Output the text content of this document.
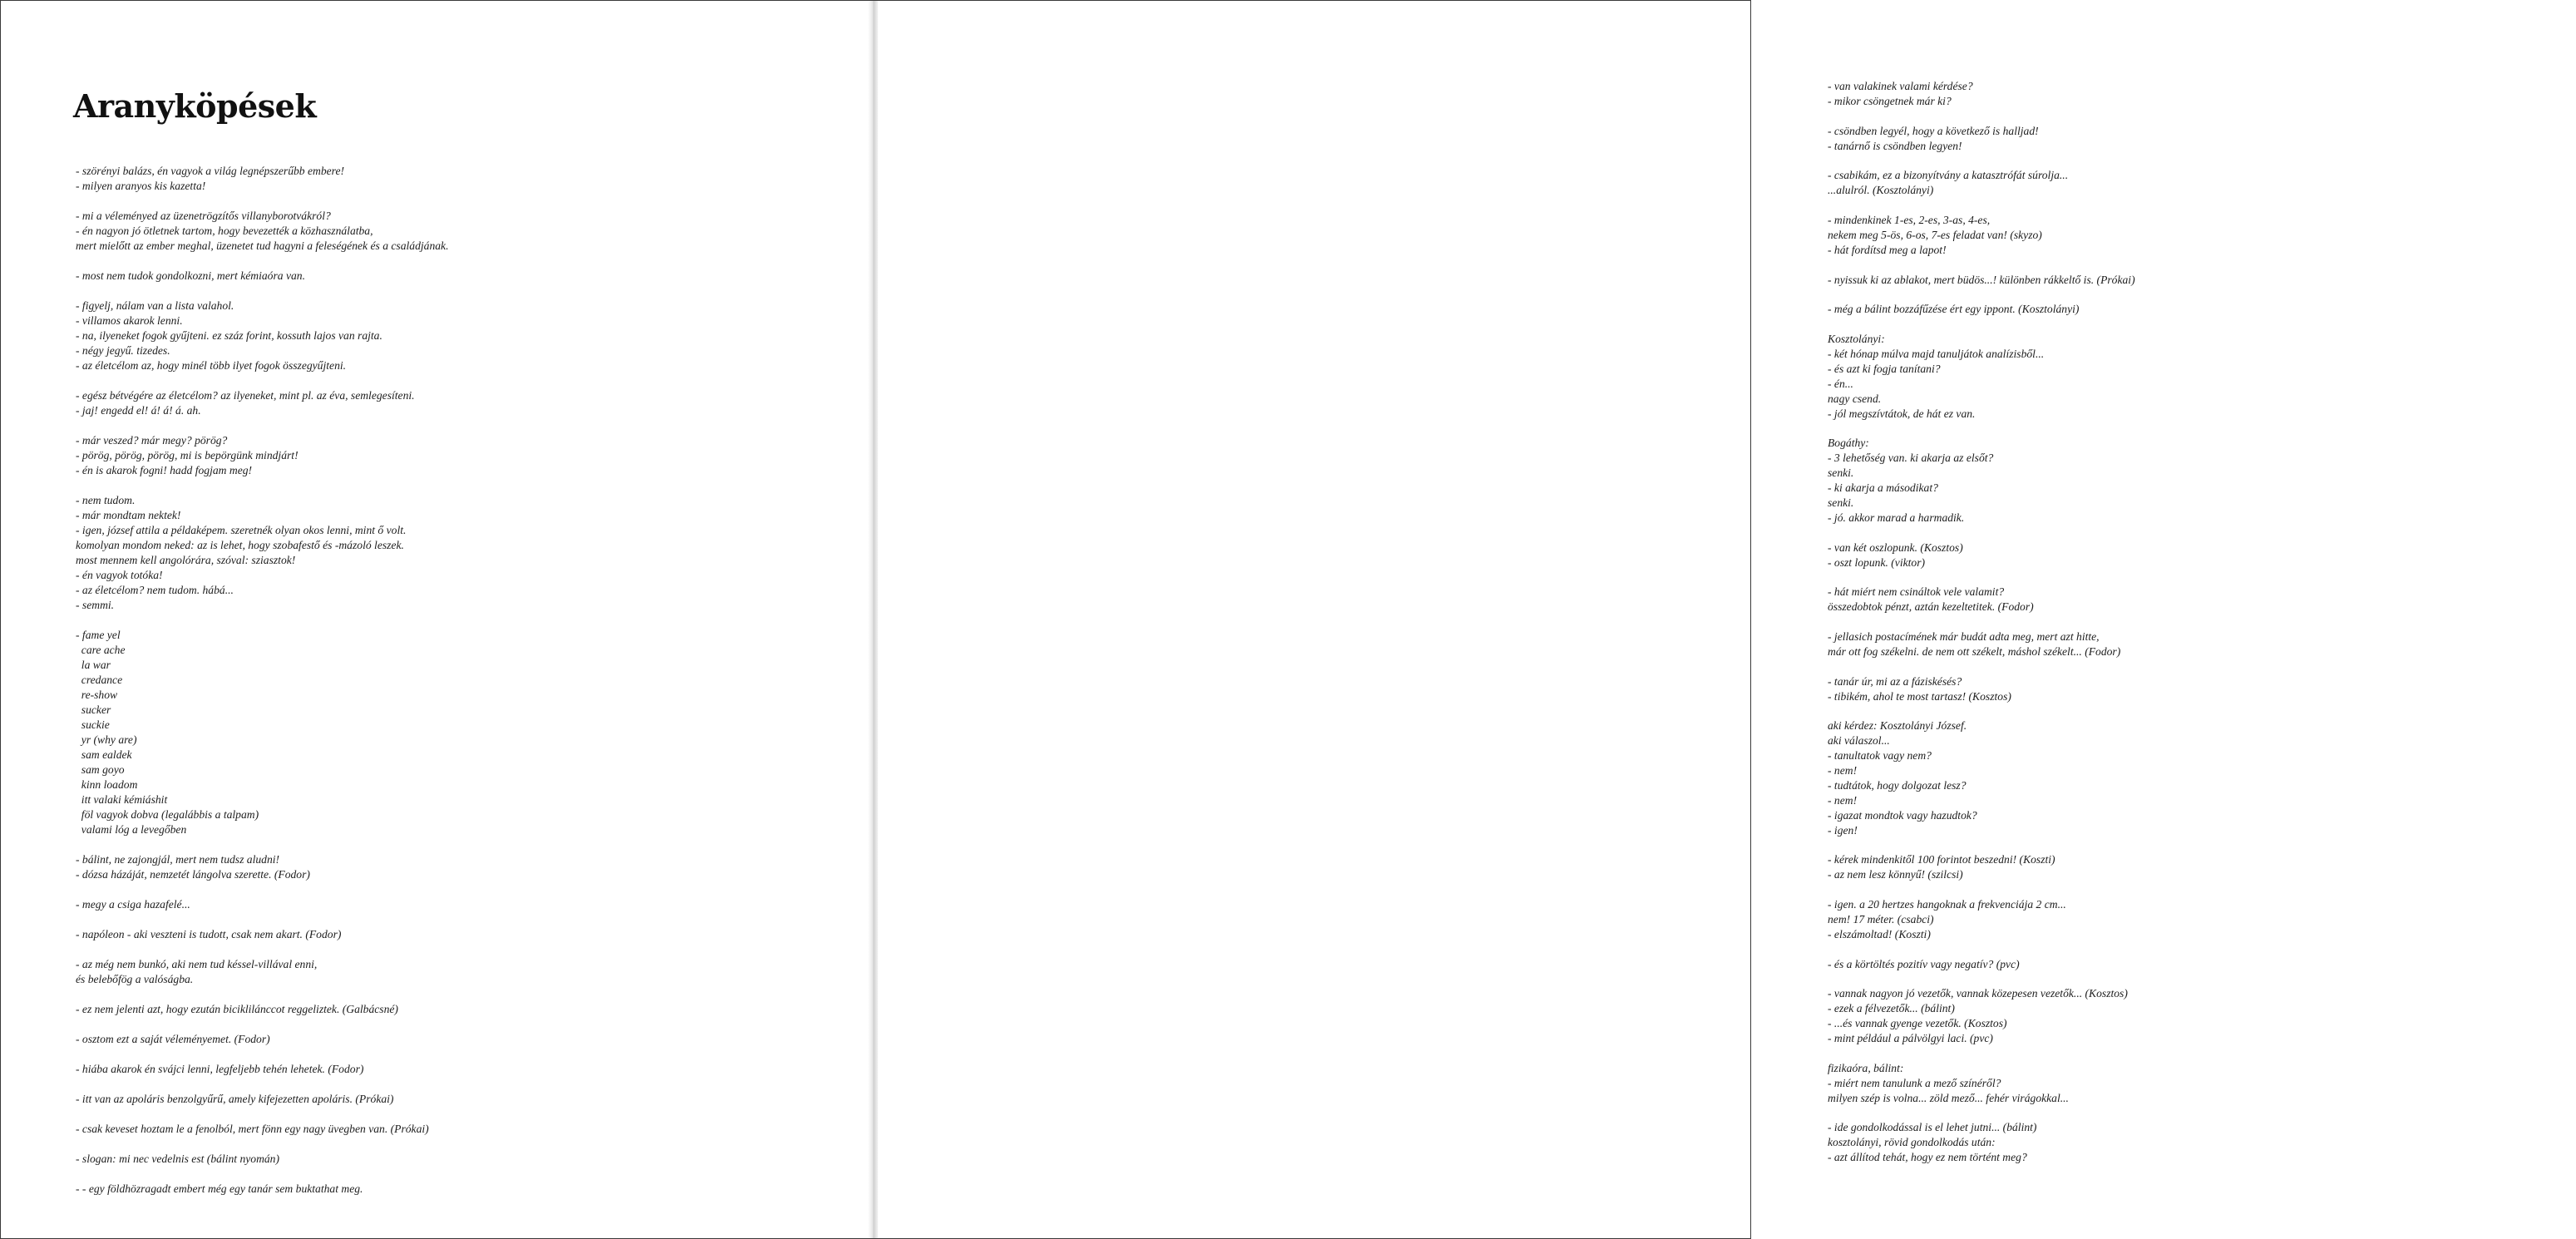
Aranyköpések
- szörényi balázs, én vagyok a világ legnépszerűbb embere!
- milyen aranyos kis kazetta!
- mi a véleményed az üzenetrögzítős villanyborotvákról?
- én nagyon jó ötletnek tartom, hogy bevezették a közhasználatba,
mert mielőtt az ember meghal, üzenetet tud hagyni a feleségének és a családjának.
- most nem tudok gondolkozni, mert kémiaóra van.
- figyelj, nálam van a lista valahol.
- villamos akarok lenni.
- na, ilyeneket fogok gyűjteni. ez száz forint, kossuth lajos van rajta.
- négy jegyű. tizedes.
- az életcélom az, hogy minél több ilyet fogok összegyűjteni.
- egész bétvégére az életcélom? az ilyeneket, mint pl. az éva, semlegesíteni.
- jaj! engedd el! á! á! á. ah.
- már veszed? már megy? pörög?
- pörög, pörög, pörög, mi is bepörgünk mindjárt!
- én is akarok fogni! hadd fogjam meg!
- nem tudom.
- már mondtam nektek!
- igen, józsef attila a példaképem. szeretnék olyan okos lenni, mint ő volt.
komolyan mondom neked: az is lehet, hogy szobafestő és -mázoló leszek.
most mennem kell angolórára, szóval: sziasztok!
- én vagyok totóka!
- az életcélom? nem tudom. hábá...
- semmi.
- fame yel
care ache
la war
credance
re-show
sucker
suckie
yr (why are)
sam ealdek
sam goyo
kinn loadom
itt valaki kémiáshit
föl vagyok dobva (legalábbis a talpam)
valami lóg a levegőben
- bálint, ne zajongjál, mert nem tudsz aludni!
- dózsa házáját, nemzetét lángolva szerette. (Fodor)
- megy a csiga hazafelé...
- napóleon - aki veszteni is tudott, csak nem akart. (Fodor)
- az még nem bunkó, aki nem tud késsel-villával enni,
és belebőfög a valóságba.
- ez nem jelenti azt, hogy ezután biciklilánccot reggeliztek. (Galbácsné)
- osztom ezt a saját véleményemet. (Fodor)
- hiába akarok én svájci lenni, legfeljebb tehén lehetek. (Fodor)
- itt van az apoláris benzolgyűrű, amely kifejezetten apoláris. (Prókai)
- csak keveset hoztam le a fenolból, mert fönn egy nagy üvegben van. (Prókai)
- slogan: mi nec vedelnis est (bálint nyomán)
- - egy földhözragadt embert még egy tanár sem buktathat meg.
- van valakinek valami kérdése?
- mikor csöngetnek már ki?
- csöndben legyél, hogy a következő is halljad!
- tanárnő is csöndben legyen!
- csabikám, ez a bizonyítvány a katasztrófát súrolja...
...alulról. (Kosztolányi)
- mindenkinek 1-es, 2-es, 3-as, 4-es,
nekem meg 5-ös, 6-os, 7-es feladat van! (skyzo)
- hát fordítsd meg a lapot!
- nyissuk ki az ablakot, mert büdös...! különben rákkeltő is. (Prókai)
- még a bálint bozzáfűzése ért egy ippont. (Kosztolányi)
Kosztolányi:
- két hónap múlva majd tanuljátok analízisből...
- és azt ki fogja tanítani?
- én...
nagy csend.
- jól megszívtátok, de hát ez van.
Bogáthy:
- 3 lehetőség van. ki akarja az elsőt?
senki.
- ki akarja a másodikat?
senki.
- jó. akkor marad a harmadik.
- van két oszlopunk. (Kosztos)
- oszt lopunk. (viktor)
- hát miért nem csináltok vele valamit?
összedobtok pénzt, aztán kezeltetitek. (Fodor)
- jellasich postacímének már budát adta meg, mert azt hitte,
már ott fog székelni. de nem ott székelt, máshol székelt... (Fodor)
- tanár úr, mi az a fáziskésés?
- tibikém, ahol te most tartasz! (Kosztos)
aki kérdez: Kosztolányi József.
aki válaszol...
- tanultatok vagy nem?
- nem!
- tudtátok, hogy dolgozat lesz?
- nem!
- igazat mondtok vagy hazudtok?
- igen!
- kérek mindenkitől 100 forintot beszedni! (Koszti)
- az nem lesz könnyű! (szilcsi)
- igen. a 20 hertzes hangoknak a frekvenciája 2 cm...
nem! 17 méter. (csabci)
- elszámoltad! (Koszti)
- és a körtöltés pozitív vagy negatív? (pvc)
- vannak nagyon jó vezetők, vannak közepesen vezetők... (Kosztos)
- ezek a félvezetők... (bálint)
- ...és vannak gyenge vezetők. (Kosztos)
- mint például a pálvölgyi laci. (pvc)
fizikaóra, bálint:
- miért nem tanulunk a mező színéről?
milyen szép is volna... zöld mező... fehér virágokkal...
- ide gondolkodással is el lehet jutni... (bálint)
kosztolányi, rövid gondolkodás után:
- azt állítod tehát, hogy ez nem történt meg?
